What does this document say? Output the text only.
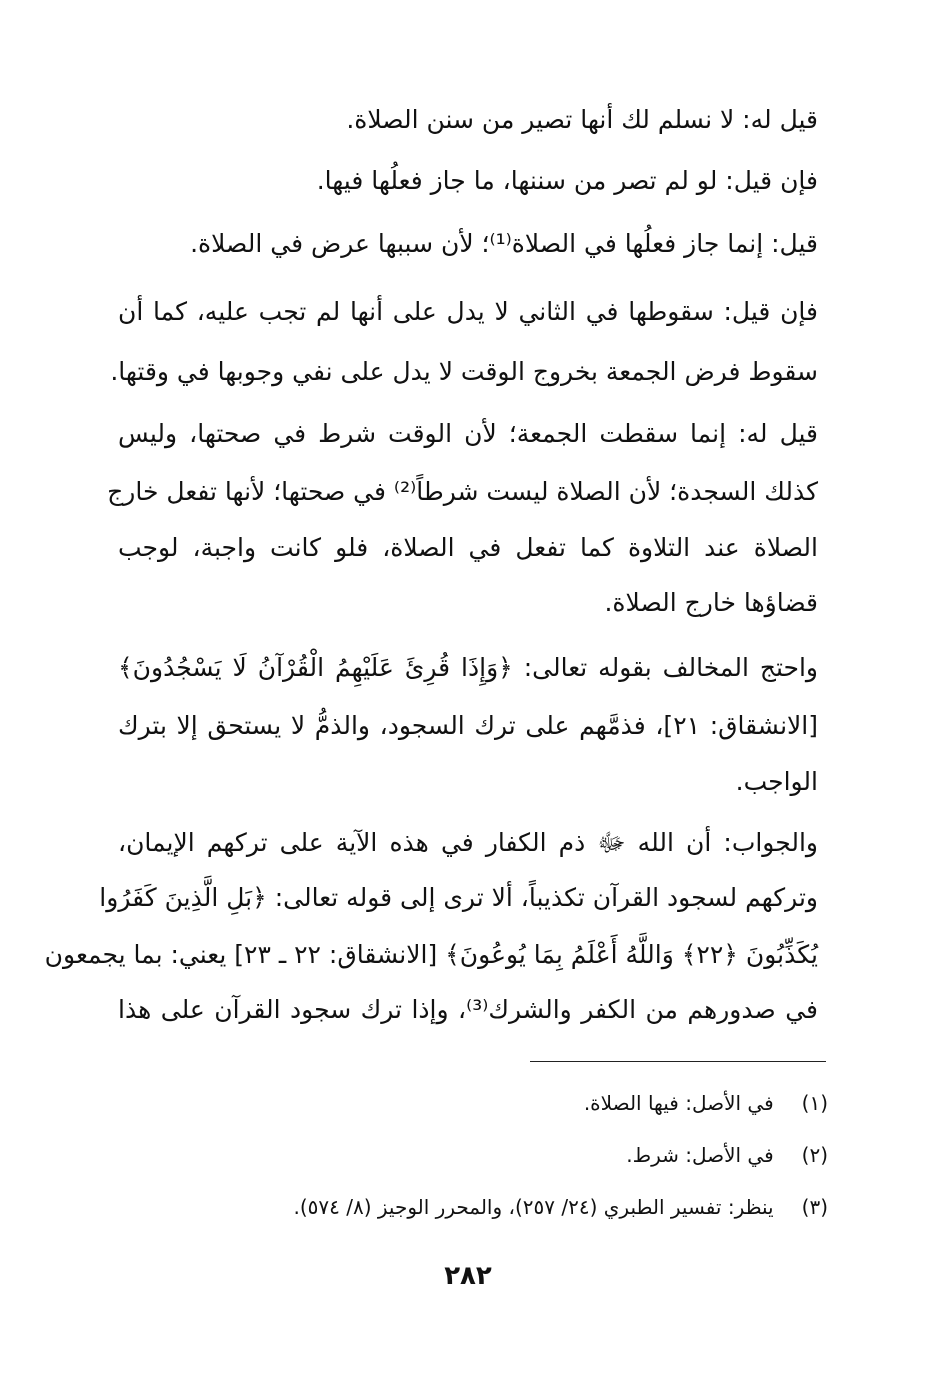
قيل له: لا نسلم لك أنها تصير من سنن الصلاة.
فإن قيل: لو لم تصر من سننها، ما جاز فعلُها فيها.
قيل: إنما جاز فعلُها في الصلاة⁽¹⁾؛ لأن سببها عرض في الصلاة.
فإن قيل: سقوطها في الثاني لا يدل على أنها لم تجب عليه، كما أن
سقوط فرض الجمعة بخروج الوقت لا يدل على نفي وجوبها في وقتها.
قيل له: إنما سقطت الجمعة؛ لأن الوقت شرط في صحتها، وليس
كذلك السجدة؛ لأن الصلاة ليست شرطاً⁽²⁾ في صحتها؛ لأنها تفعل خارج
الصلاة عند التلاوة كما تفعل في الصلاة، فلو كانت واجبة، لوجب
قضاؤها خارج الصلاة.
واحتج المخالف بقوله تعالى: ﴿وَإِذَا قُرِئَ عَلَيْهِمُ الْقُرْآنُ لَا يَسْجُدُونَ﴾
[الانشقاق: ٢١]، فذمَّهم على ترك السجود، والذمُّ لا يستحق إلا بترك
الواجب.
والجواب: أن الله ﷻ ذم الكفار في هذه الآية على تركهم الإيمان،
وتركهم لسجود القرآن تكذيباً، ألا ترى إلى قوله تعالى: ﴿بَلِ الَّذِينَ كَفَرُوا
يُكَذِّبُونَ ﴿٢٢﴾ وَاللَّهُ أَعْلَمُ بِمَا يُوعُونَ﴾ [الانشقاق: ٢٢ ـ ٢٣] يعني: بما يجمعون
في صدورهم من الكفر والشرك⁽³⁾، وإذا ترك سجود القرآن على هذا
(١) في الأصل: فيها الصلاة.
(٢) في الأصل: شرط.
(٣) ينظر: تفسير الطبري (٢٤/ ٢٥٧)، والمحرر الوجيز (٨/ ٥٧٤).
٢٨٢
